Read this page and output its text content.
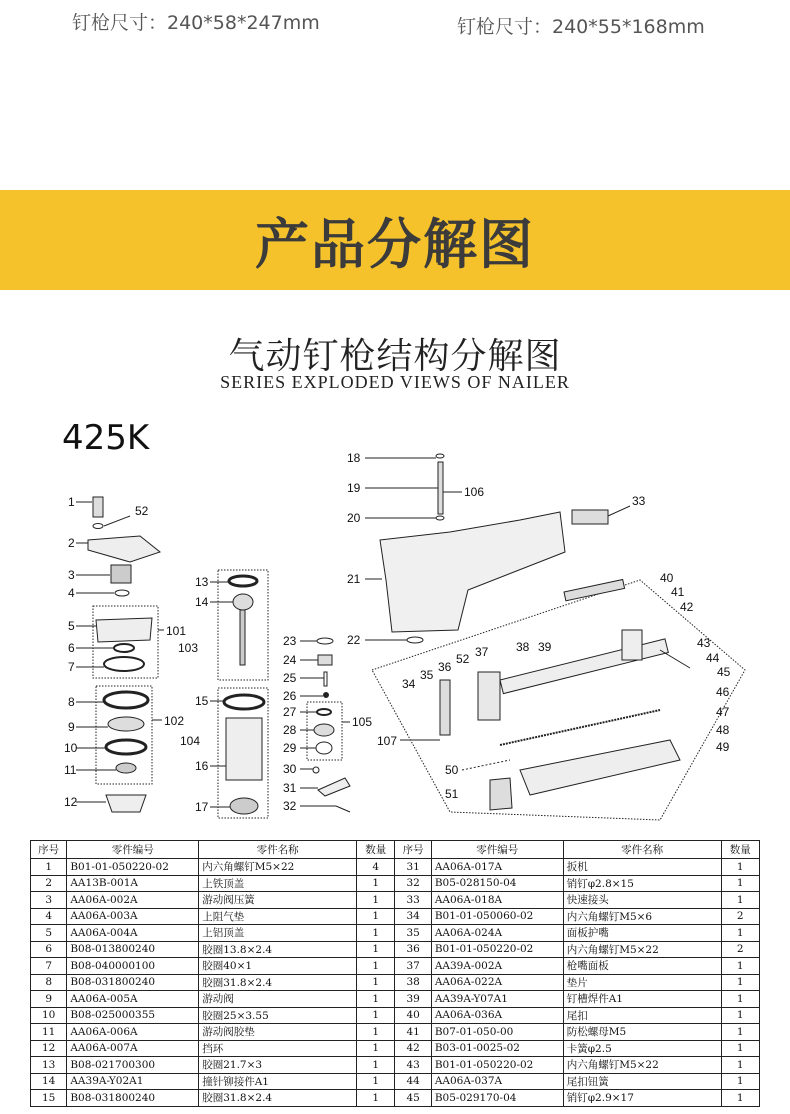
钉枪尺寸：240*58*247mm	钉枪尺寸：240*55*168mm
产品分解图
气动钉枪结构分解图
SERIES EXPLODED VIEWS OF NAILER
425K
1
52
2
3
4
5	101
6
7
8
9	102
10
11
12
13
14
103
15
104
16
17
23
24
25
26
27
105
28
29
30
31
32
18
19	106
20
33
21
22
40
41
42
43
44
45
46
47
48
49
39
38
37
52
36
35
34
107
50
51
序号	零件编号	零件名称	数量	序号	零件编号	零件名称	数量
1	B01-01-050220-02	内六角螺钉M5×22	4	31	AA06A-017A	扳机	1
2	AA13B-001A	上铁顶盖	1	32	B05-028150-04	销钉φ2.8×15	1
3	AA06A-002A	游动阀压簧	1	33	AA06A-018A	快速接头	1
4	AA06A-003A	上阻气垫	1	34	B01-01-050060-02	内六角螺钉M5×6	2
5	AA06A-004A	上铝顶盖	1	35	AA06A-024A	面板护嘴	1
6	B08-013800240	胶圈13.8×2.4	1	36	B01-01-050220-02	内六角螺钉M5×22	2
7	B08-040000100	胶圈40×1	1	37	AA39A-002A	枪嘴面板	1
8	B08-031800240	胶圈31.8×2.4	1	38	AA06A-022A	垫片	1
9	AA06A-005A	游动阀	1	39	AA39A-Y07A1	钉槽焊件A1	1
10	B08-025000355	胶圈25×3.55	1	40	AA06A-036A	尾扣	1
11	AA06A-006A	游动阀胶垫	1	41	B07-01-050-00	防松螺母M5	1
12	AA06A-007A	挡环	1	42	B03-01-0025-02	卡簧φ2.5	1
13	B08-021700300	胶圈21.7×3	1	43	B01-01-050220-02	内六角螺钉M5×22	1
14	AA39A-Y02A1	撞针铆接件A1	1	44	AA06A-037A	尾扣钮簧	1
15	B08-031800240	胶圈31.8×2.4	1	45	B05-029170-04	销钉φ2.9×17	1
